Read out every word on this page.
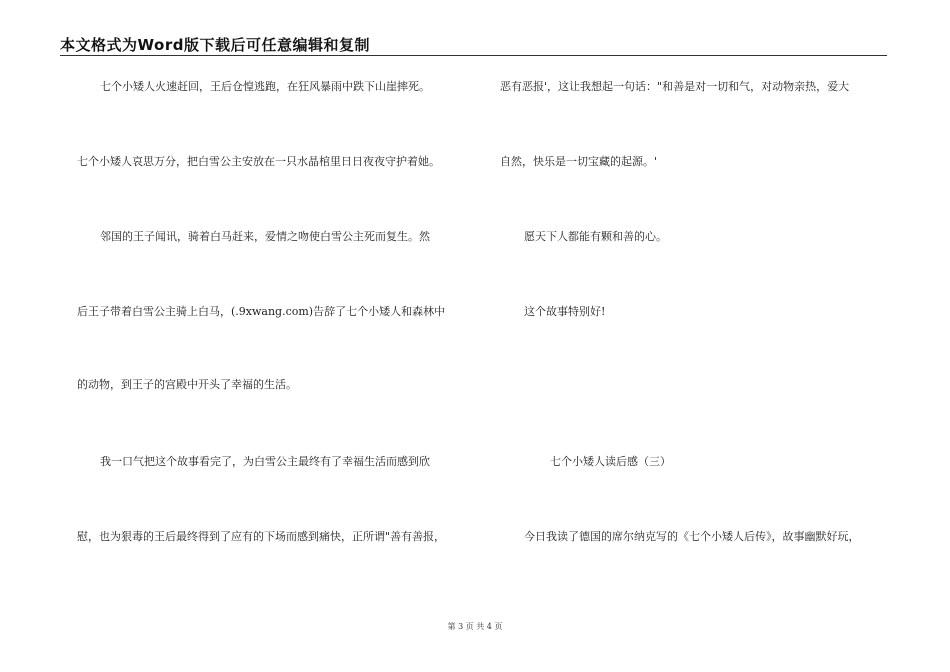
本文格式为Word版下载后可任意编辑和复制
七个小矮人火速赶回，王后仓惶逃跑，在狂风暴雨中跌下山崖摔死。
七个小矮人哀思万分，把白雪公主安放在一只水晶棺里日日夜夜守护着她。
邻国的王子闻讯，骑着白马赶来，爱情之吻使白雪公主死而复生。然
后王子带着白雪公主骑上白马，(.9xwang.com)告辞了七个小矮人和森林中
的动物，到王子的宫殿中开头了幸福的生活。
我一口气把这个故事看完了，为白雪公主最终有了幸福生活而感到欣
慰，也为狠毒的王后最终得到了应有的下场而感到痛快，正所谓"善有善报，
恶有恶报'，这让我想起一句话："和善是对一切和气，对动物亲热，爱大
自然，快乐是一切宝藏的起源。'
愿天下人都能有颗和善的心。
这个故事特别好!
七个小矮人读后感（三）
今日我读了德国的席尔纳克写的《七个小矮人后传》，故事幽默好玩，
第 3 页 共 4 页
